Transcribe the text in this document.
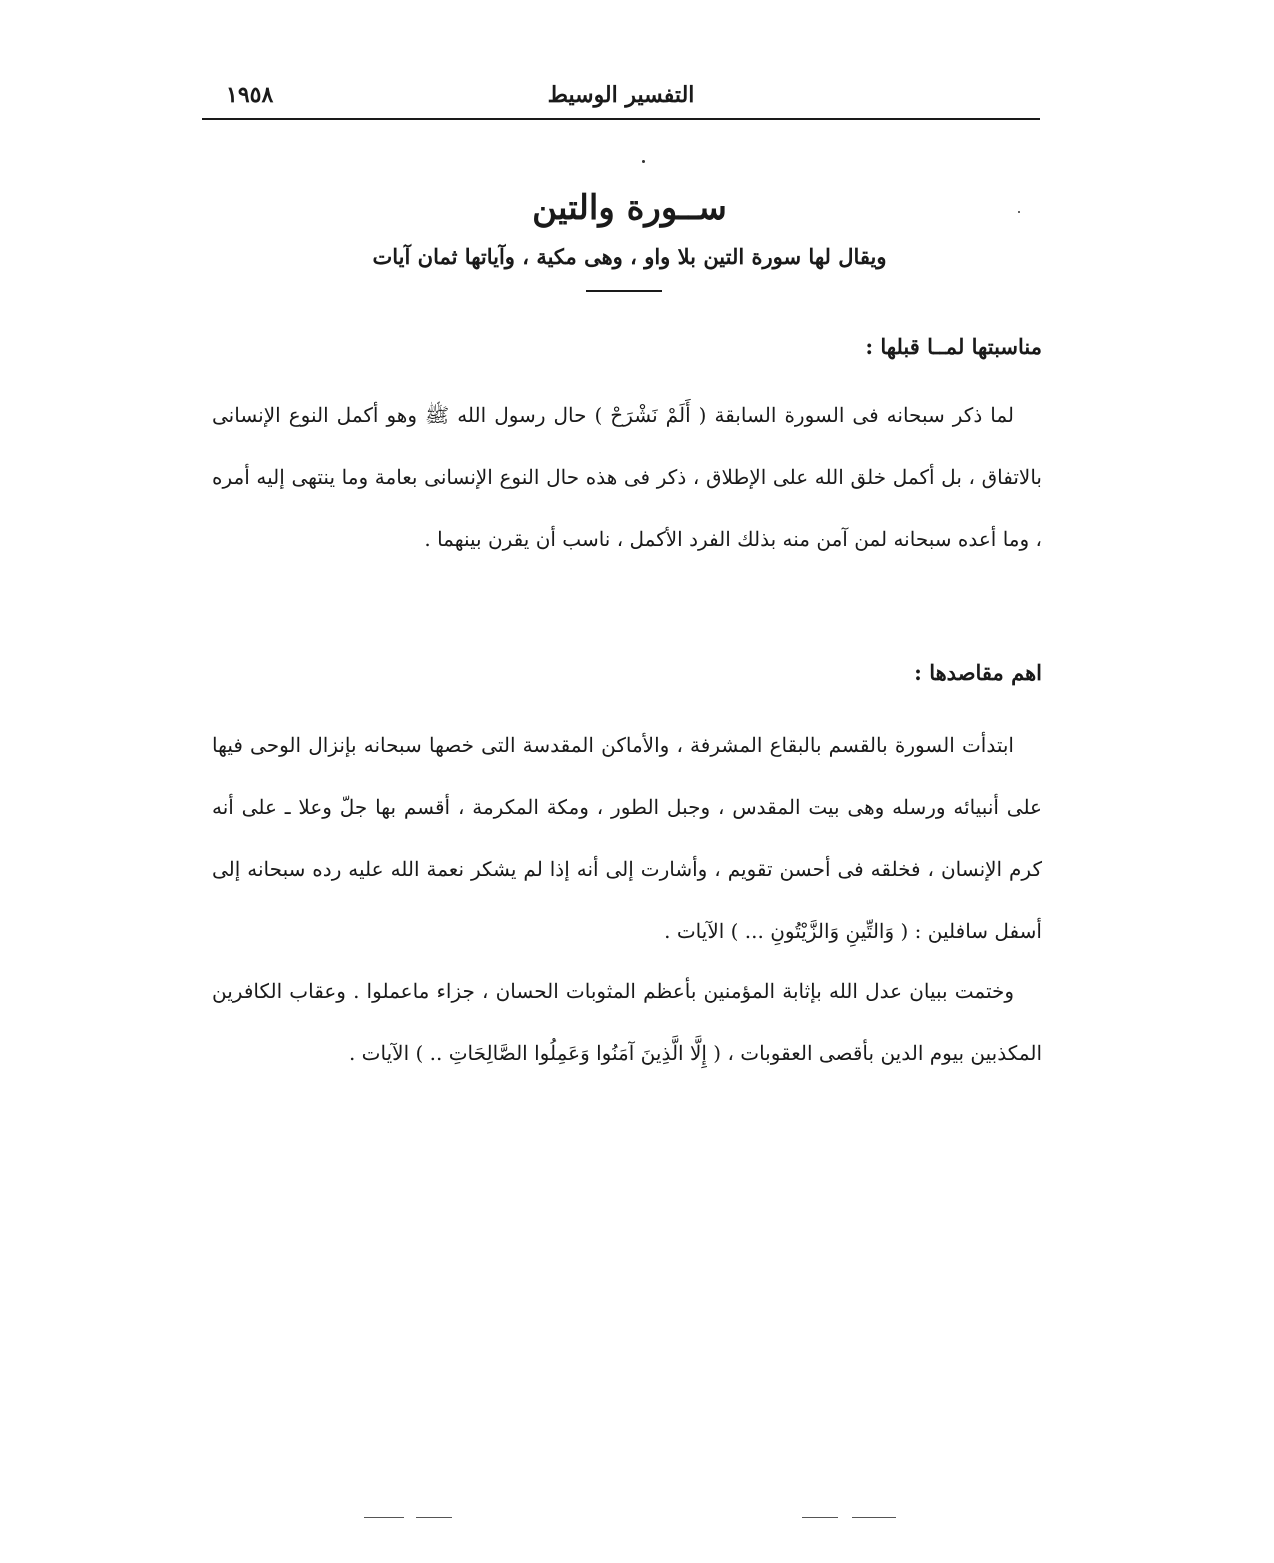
التفسير الوسيط
١٩٥٨
ســورة والتين
ويقال لها سورة التين بلا واو ، وهى مكية ، وآياتها ثمان آيات
مناسبتها لمــا قبلها :

لما ذكر سبحانه فى السورة السابقة ( أَلَمْ نَشْرَحْ ) حال رسول الله ﷺ وهو أكمل النوع الإنسانى بالاتفاق ، بل أكمل خلق الله على الإطلاق ، ذكر فى هذه حال النوع الإنسانى بعامة وما ينتهى إليه أمره ، وما أعده سبحانه لمن آمن منه بذلك الفرد الأكمل ، ناسب أن يقرن بينهما .

اهم مقاصدها :

ابتدأت السورة بالقسم بالبقاع المشرفة ، والأماكن المقدسة التى خصها سبحانه بإنزال الوحى فيها على أنبيائه ورسله وهى بيت المقدس ، وجبل الطور ، ومكة المكرمة ، أقسم بها جلّ وعلا ـ على أنه كرم الإنسان ، فخلقه فى أحسن تقويم ، وأشارت إلى أنه إذا لم يشكر نعمة الله عليه رده سبحانه إلى أسفل سافلين : ( وَالتِّينِ وَالزَّيْتُونِ ... ) الآيات .

وختمت ببيان عدل الله بإثابة المؤمنين بأعظم المثوبات الحسان ، جزاء ماعملوا . وعقاب الكافرين المكذبين بيوم الدين بأقصى العقوبات ، ( إِلَّا الَّذِينَ آمَنُوا وَعَمِلُوا الصَّالِحَاتِ .. ) الآيات .
